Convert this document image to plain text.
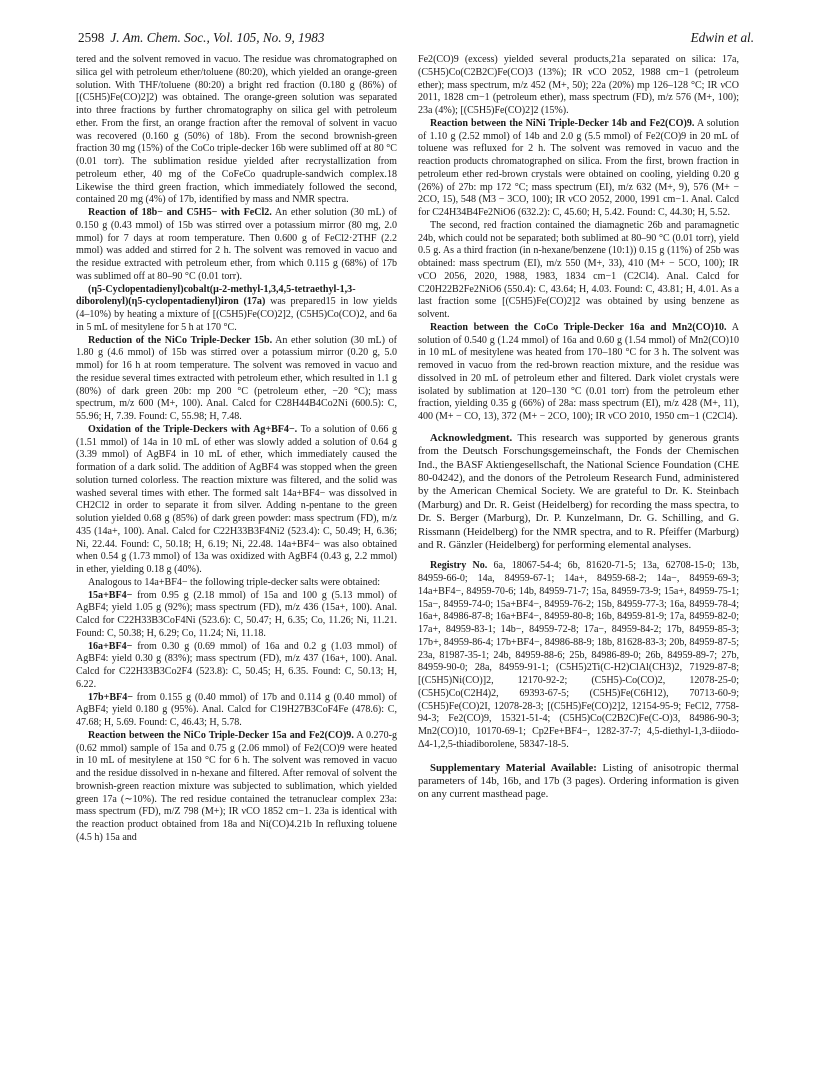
2598 J. Am. Chem. Soc., Vol. 105, No. 9, 1983	Edwin et al.

tered and the solvent removed in vacuo. The residue was chromatographed on silica gel with petroleum ether/toluene (80:20), which yielded an orange-green solution. With THF/toluene (80:20) a bright red fraction (0.180 g (86%) of [(C5H5)Fe(CO)2]2) was obtained. The orange-green solution was separated into three fractions by further chromatography on silica gel with petroleum ether. From the first, an orange fraction after the removal of solvent in vacuo was recovered (0.160 g (50%) of 18b). From the second brownish-green fraction 30 mg (15%) of the CoCo triple-decker 16b were sublimed off at 80 °C (0.01 torr). The sublimation residue yielded after recrystallization from petroleum ether, 40 mg of the CoFeCo quadruple-sandwich complex.18 Likewise the third green fraction, which immediately followed the second, contained 20 mg (4%) of 17b, identified by mass and NMR spectra.

Reaction of 18b− and C5H5− with FeCl2. An ether solution (30 mL) of 0.150 g (0.43 mmol) of 15b was stirred over a potassium mirror (80 mg, 2.0 mmol) for 7 days at room temperature. Then 0.600 g of FeCl2·2THF (2.2 mmol) was added and stirred for 2 h. The solvent was removed in vacuo and the residue extracted with petroleum ether, from which 0.115 g (68%) of 17b was sublimed off at 80–90 °C (0.01 torr).

(η5-Cyclopentadienyl)cobalt(μ-2-methyl-1,3,4,5-tetraethyl-1,3-diborolenyl)(η5-cyclopentadienyl)iron (17a) was prepared15 in low yields (4–10%) by heating a mixture of [(C5H5)Fe(CO)2]2, (C5H5)Co(CO)2, and 6a in 5 mL of mesitylene for 5 h at 170 °C.

Reduction of the NiCo Triple-Decker 15b. An ether solution (30 mL) of 1.80 g (4.6 mmol) of 15b was stirred over a potassium mirror (0.20 g, 5.0 mmol) for 16 h at room temperature. The solvent was removed in vacuo and the residue several times extracted with petroleum ether, which resulted in 1.1 g (80%) of dark green 20b: mp 200 °C (petroleum ether, −20 °C); mass spectrum, m/z 600 (M+, 100). Anal. Calcd for C28H44B4Co2Ni (600.5): C, 55.96; H, 7.39. Found: C, 55.98; H, 7.48.

Oxidation of the Triple-Deckers with Ag+BF4−. To a solution of 0.66 g (1.51 mmol) of 14a in 10 mL of ether was slowly added a solution of 0.64 g (3.39 mmol) of AgBF4 in 10 mL of ether, which immediately caused the formation of a dark solid. The addition of AgBF4 was stopped when the green solution turned colorless. The reaction mixture was filtered, and the solid was washed several times with ether. The formed salt 14a+BF4− was dissolved in CH2Cl2 in order to separate it from silver. Adding n-pentane to the green solution yielded 0.68 g (85%) of dark green powder: mass spectrum (FD), m/z 435 (14a+, 100). Anal. Calcd for C22H33B3F4Ni2 (523.4): C, 50.49; H, 6.36; Ni, 22.44. Found: C, 50.18; H, 6.19; Ni, 22.48. 14a+BF4− was also obtained when 0.54 g (1.73 mmol) of 13a was oxidized with AgBF4 (0.43 g, 2.2 mmol) in ether, yielding 0.18 g (40%).

Analogous to 14a+BF4− the following triple-decker salts were obtained:

15a+BF4− from 0.95 g (2.18 mmol) of 15a and 100 g (5.13 mmol) of AgBF4; yield 1.05 g (92%); mass spectrum (FD), m/z 436 (15a+, 100). Anal. Calcd for C22H33B3CoF4Ni (523.6): C, 50.47; H, 6.35; Co, 11.26; Ni, 11.21. Found: C, 50.38; H, 6.29; Co, 11.24; Ni, 11.18.

16a+BF4− from 0.30 g (0.69 mmol) of 16a and 0.2 g (1.03 mmol) of AgBF4: yield 0.30 g (83%); mass spectrum (FD), m/z 437 (16a+, 100). Anal. Calcd for C22H33B3Co2F4 (523.8): C, 50.45; H, 6.35. Found: C, 50.13; H, 6.22.

17b+BF4− from 0.155 g (0.40 mmol) of 17b and 0.114 g (0.40 mmol) of AgBF4; yield 0.180 g (95%). Anal. Calcd for C19H27B3CoF4Fe (478.6): C, 47.68; H, 5.69. Found: C, 46.43; H, 5.78.

Reaction between the NiCo Triple-Decker 15a and Fe2(CO)9. A 0.270-g (0.62 mmol) sample of 15a and 0.75 g (2.06 mmol) of Fe2(CO)9 were heated in 10 mL of mesitylene at 150 °C for 6 h. The solvent was removed in vacuo and the residue dissolved in n-hexane and filtered. After removal of solvent the brownish-green reaction mixture was subjected to sublimation, which yielded green 17a (∼10%). The red residue contained the tetranuclear complex 23a: mass spectrum (FD), m/Z 798 (M+); IR νCO 1852 cm−1. 23a is identical with the reaction product obtained from 18a and Ni(CO)4.21b In refluxing toluene (4.5 h) 15a and

Fe2(CO)9 (excess) yielded several products,21a separated on silica: 17a, (C5H5)Co(C2B2C)Fe(CO)3 (13%); IR νCO 2052, 1988 cm−1 (petroleum ether); mass spectrum, m/z 452 (M+, 50); 22a (20%) mp 126–128 °C; IR νCO 2011, 1828 cm−1 (petroleum ether), mass spectrum (FD), m/z 576 (M+, 100); 23a (4%); [(C5H5)Fe(CO)2]2 (15%).

Reaction between the NiNi Triple-Decker 14b and Fe2(CO)9. A solution of 1.10 g (2.52 mmol) of 14b and 2.0 g (5.5 mmol) of Fe2(CO)9 in 20 mL of toluene was refluxed for 2 h. The solvent was removed in vacuo and the reaction products chromatographed on silica. From the first, brown fraction in petroleum ether red-brown crystals were obtained on cooling, yielding 0.20 g (26%) of 27b: mp 172 °C; mass spectrum (EI), m/z 632 (M+, 9), 576 (M+ − 2CO, 15), 548 (M3 − 3CO, 100); IR νCO 2052, 2000, 1991 cm−1. Anal. Calcd for C24H34B4Fe2NiO6 (632.2): C, 45.60; H, 5.42. Found: C, 44.30; H, 5.52.

The second, red fraction contained the diamagnetic 26b and paramagnetic 24b, which could not be separated; both sublimed at 80–90 °C (0.01 torr), yield 0.5 g. As a third fraction (in n-hexane/benzene (10:1)) 0.15 g (11%) of 25b was obtained: mass spectrum (EI), m/z 550 (M+, 33), 410 (M+ − 5CO, 100); IR νCO 2056, 2020, 1988, 1983, 1834 cm−1 (C2Cl4). Anal. Calcd for C20H22B2Fe2NiO6 (550.4): C, 43.64; H, 4.03. Found: C, 43.81; H, 4.01. As a last fraction some [(C5H5)Fe(CO)2]2 was obtained by using benzene as solvent.

Reaction between the CoCo Triple-Decker 16a and Mn2(CO)10. A solution of 0.540 g (1.24 mmol) of 16a and 0.60 g (1.54 mmol) of Mn2(CO)10 in 10 mL of mesitylene was heated from 170–180 °C for 3 h. The solvent was removed in vacuo from the red-brown reaction mixture, and the residue was dissolved in 20 mL of petroleum ether and filtered. Dark violet crystals were isolated by sublimation at 120–130 °C (0.01 torr) from the petroleum ether fraction, yielding 0.35 g (66%) of 28a: mass spectrum (EI), m/z 428 (M+, 11), 400 (M+ − CO, 13), 372 (M+ − 2CO, 100); IR νCO 2010, 1950 cm−1 (C2Cl4).

Acknowledgment. This research was supported by generous grants from the Deutsch Forschungsgemeinschaft, the Fonds der Chemischen Ind., the BASF Aktiengesellschaft, the National Science Foundation (CHE 80-04242), and the donors of the Petroleum Research Fund, administered by the American Chemical Society. We are grateful to Dr. K. Steinbach (Marburg) and Dr. R. Geist (Heidelberg) for recording the mass spectra, to Dr. S. Berger (Marburg), Dr. P. Kunzelmann, Dr. G. Schilling, and G. Rissmann (Heidelberg) for the NMR spectra, and to R. Pfeiffer (Marburg) and R. Gänzler (Heidelberg) for performing elemental analyses.

Registry No. 6a, 18067-54-4; 6b, 81620-71-5; 13a, 62708-15-0; 13b, 84959-66-0; 14a, 84959-67-1; 14a+, 84959-68-2; 14a−, 84959-69-3; 14a+BF4−, 84959-70-6; 14b, 84959-71-7; 15a, 84959-73-9; 15a+, 84959-75-1; 15a−, 84959-74-0; 15a+BF4−, 84959-76-2; 15b, 84959-77-3; 16a, 84959-78-4; 16a+, 84986-87-8; 16a+BF4−, 84959-80-8; 16b, 84959-81-9; 17a, 84959-82-0; 17a+, 84959-83-1; 14b−, 84959-72-8; 17a−, 84959-84-2; 17b, 84959-85-3; 17b+, 84959-86-4; 17b+BF4−, 84986-88-9; 18b, 81628-83-3; 20b, 84959-87-5; 23a, 81987-35-1; 24b, 84959-88-6; 25b, 84986-89-0; 26b, 84959-89-7; 27b, 84959-90-0; 28a, 84959-91-1; (C5H5)2Ti(C-H2)ClAl(CH3)2, 71929-87-8; [(C5H5)Ni(CO)]2, 12170-92-2; (C5H5)-Co(CO)2, 12078-25-0; (C5H5)Co(C2H4)2, 69393-67-5; (C5H5)Fe(C6H12), 70713-60-9; (C5H5)Fe(CO)2I, 12078-28-3; [(C5H5)Fe(CO)2]2, 12154-95-9; FeCl2, 7758-94-3; Fe2(CO)9, 15321-51-4; (C5H5)Co(C2B2C)Fe(C-O)3, 84986-90-3; Mn2(CO)10, 10170-69-1; Cp2Fe+BF4−, 1282-37-7; 4,5-diethyl-1,3-diiodo-Δ4-1,2,5-thiadiborolene, 58347-18-5.

Supplementary Material Available: Listing of anisotropic thermal parameters of 14b, 16b, and 17b (3 pages). Ordering information is given on any current masthead page.
